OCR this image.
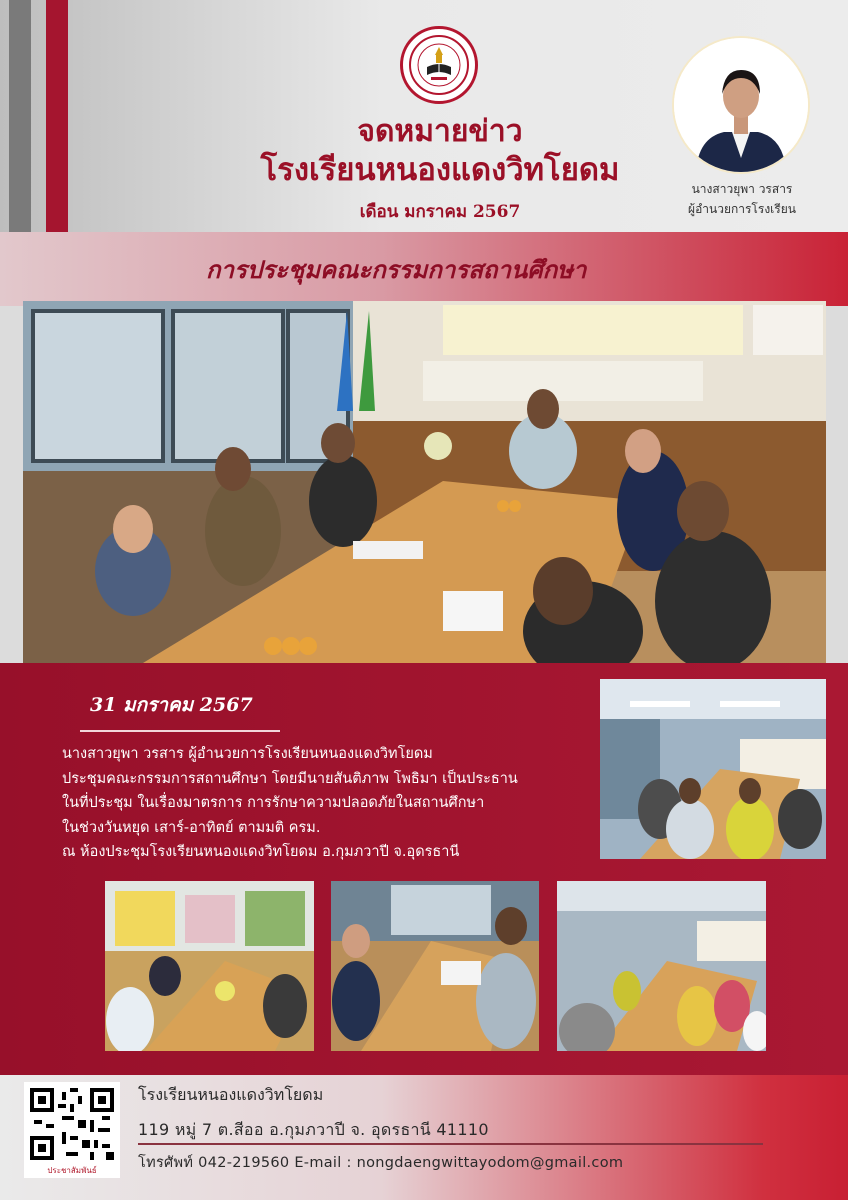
จดหมายข่าว
โรงเรียนหนองแดงวิทโยดม
เดือน มกราคม 2567
นางสาวยุพา วรสาร
ผู้อำนวยการโรงเรียน
การประชุมคณะกรรมการสถานศึกษา
31 มกราคม 2567
นางสาวยุพา วรสาร ผู้อำนวยการโรงเรียนหนองแดงวิทโยดม
ประชุมคณะกรรมการสถานศึกษา โดยมีนายสันติภาพ โพธิมา เป็นประธาน
ในที่ประชุม ในเรื่องมาตรการ การรักษาความปลอดภัยในสถานศึกษา
ในช่วงวันหยุด เสาร์-อาทิตย์ ตามมติ ครม.
ณ ห้องประชุมโรงเรียนหนองแดงวิทโยดม อ.กุมภวาปี จ.อุดรธานี
ประชาสัมพันธ์
โรงเรียนหนองแดงวิทโยดม
119 หมู่ 7 ต.สีออ อ.กุมภวาปี จ. อุดรธานี 41110
โทรศัพท์ 042-219560 E-mail : nongdaengwittayodom@gmail.com
